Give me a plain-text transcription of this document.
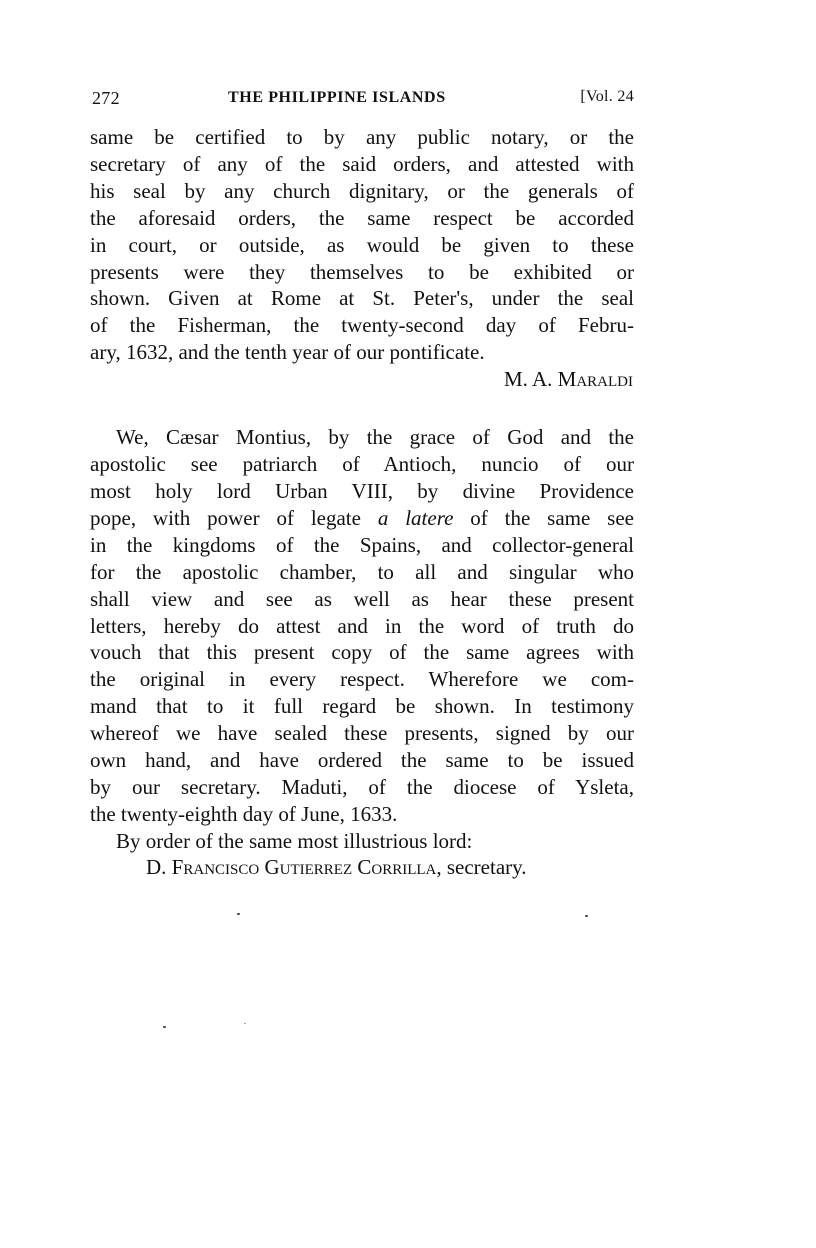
272	THE PHILIPPINE ISLANDS	[Vol. 24
same be certified to by any public notary, or the
secretary of any of the said orders, and attested with
his seal by any church dignitary, or the generals of
the aforesaid orders, the same respect be accorded
in court, or outside, as would be given to these
presents were they themselves to be exhibited or
shown. Given at Rome at St. Peter's, under the seal
of the Fisherman, the twenty-second day of Febru-
ary, 1632, and the tenth year of our pontificate.
M. A. Maraldi
We, Cæsar Montius, by the grace of God and the
apostolic see patriarch of Antioch, nuncio of our
most holy lord Urban VIII, by divine Providence
pope, with power of legate a latere of the same see
in the kingdoms of the Spains, and collector-general
for the apostolic chamber, to all and singular who
shall view and see as well as hear these present
letters, hereby do attest and in the word of truth do
vouch that this present copy of the same agrees with
the original in every respect. Wherefore we com-
mand that to it full regard be shown. In testimony
whereof we have sealed these presents, signed by our
own hand, and have ordered the same to be issued
by our secretary. Maduti, of the diocese of Ysleta,
the twenty-eighth day of June, 1633.

By order of the same most illustrious lord:

D. Francisco Gutierrez Corrilla, secretary.
